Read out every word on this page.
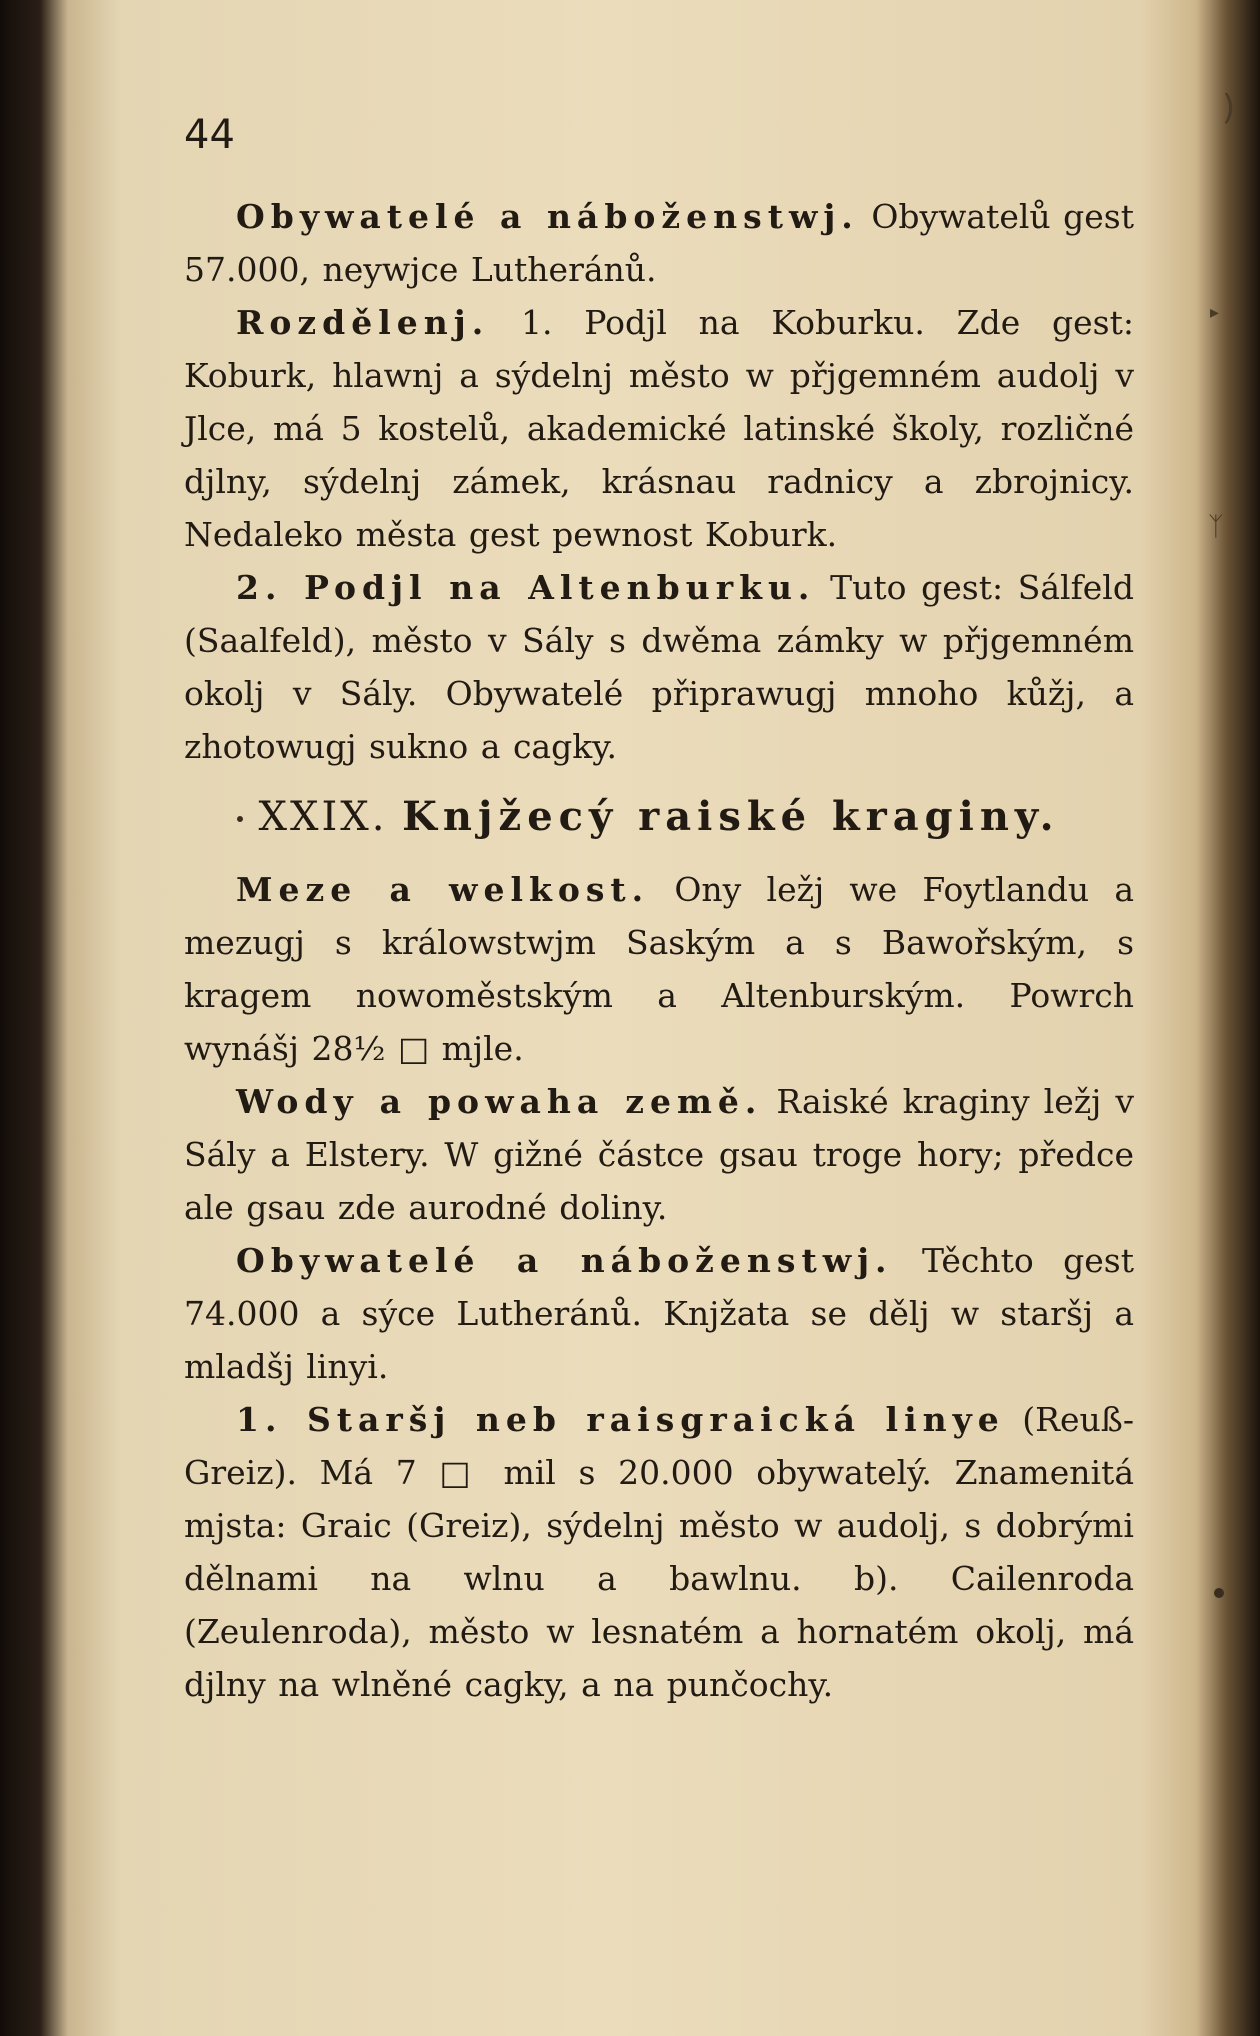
44
)
▸
ᛉ

Obywatelé a náboženstwj. Obywatelů gest 57.000, neywjce Lutheránů.

Rozdělenj. 1. Podjl na Koburku. Zde gest: Koburk, hlawnj a sýdelnj město w přjgemném audolj v Jlce, má 5 kostelů, akademické latinské školy, rozličné djlny, sýdelnj zámek, krásnau radnicy a zbrojnicy. Nedaleko města gest pewnost Koburk.

2. Podjl na Altenburku. Tuto gest: Sálfeld (Saalfeld), město v Sály s dwěma zámky w přjgemném okolj v Sály. Obywatelé připrawugj mnoho kůžj, a zhotowugj sukno a cagky.

XXIX. Knjžecý raiské kraginy.

Meze a welkost. Ony ležj we Foytlandu a mezugj s králowstwjm Saským a s Bawořským, s kragem nowoměstským a Altenburským. Powrch wynášj 28½ □ mjle.

Wody a powaha země. Raiské kraginy ležj v Sály a Elstery. W gižné částce gsau troge hory; předce ale gsau zde aurodné doliny.

Obywatelé a náboženstwj. Těchto gest 74.000 a sýce Lutheránů. Knjžata se dělj w staršj a mladšj linyi.

1. Staršj neb raisgraická linye (Reuß-Greiz). Má 7 □ mil s 20.000 obywatelý. Znamenitá mjsta: Graic (Greiz), sýdelnj město w audolj, s dobrými dělnami na wlnu a bawlnu. b). Cailenroda (Zeulenroda), město w lesnatém a hornatém okolj, má djlny na wlněné cagky, a na punčochy.
